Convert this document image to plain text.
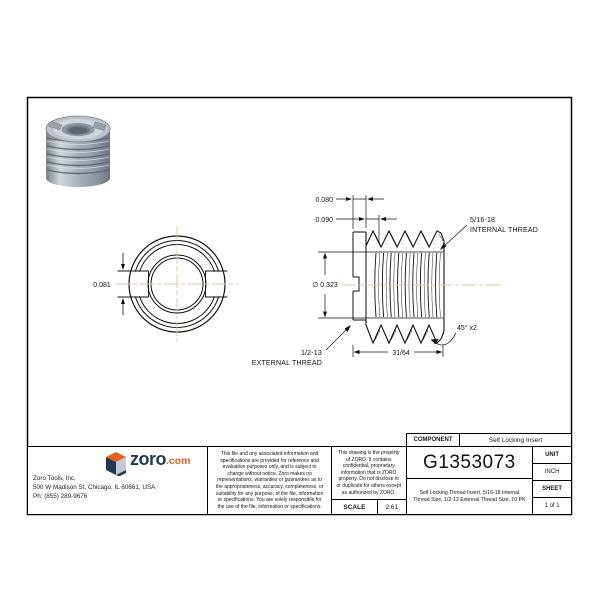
0.081
0.080
0.090
∅ 0.323
31/64
45° x2
5/16-18
INTERNAL THREAD
1/2-13
EXTERNAL THREAD
COMPONENT	Self Locking Insert
zoro .com
Zoro Tools, Inc.
500 W Madison St, Chicago, IL 60661, USA
Ph: (855) 289-9676
This file and any associated information and specifications are provided for reference and evaluation purposes only, and is subject to change without notice. Zoro makes no representations, warranties or guarantees as to the appropriateness, accuracy, completeness, or suitability for any purpose, of the file, information or specifications. You are solely responsible for the use of the file, information or specifications.
This drawing is the property of ZORO. It contains confidential, proprietary information that is ZORO property. Do not disclose to or duplicate for others except as authorized by ZORO.
SCALE	2.61
G1353073
Self Locking Thread Insert, 5/16-18 Internal Thread Size, 1/2-13 External Thread Size, 10 PK
UNIT
INCH
SHEET
1 of 1
